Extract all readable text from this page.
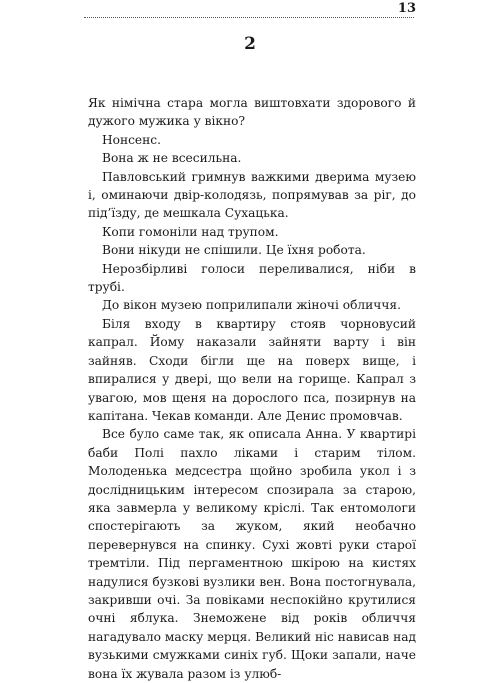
13
2

Як німічна стара могла виштовхати здорового й дужого мужика у вікно?

Нонсенс.

Вона ж не всесильна.

Павловський гримнув важкими дверима музею і, оминаючи двір-колодязь, попрямував за ріг, до під’їзду, де мешкала Сухацька.

Копи гомоніли над трупом.

Вони нікуди не спішили. Це їхня робота.

Нерозбірливі голоси переливалися, ніби в трубі.

До вікон музею поприлипали жіночі обличчя.

Біля входу в квартиру стояв чорновусий капрал. Йому наказали зайняти варту і він зайняв. Сходи бігли ще на поверх вище, і впиралися у двері, що вели на горище. Капрал з увагою, мов щеня на дорослого пса, позирнув на капітана. Чекав команди. Але Денис промовчав.

Все було саме так, як описала Анна. У квартирі баби Полі пахло ліками і старим тілом. Молоденька медсестра щойно зробила укол і з дослідницьким інтересом спозирала за старою, яка завмерла у великому кріслі. Так ентомологи спостерігають за жуком, який необачно перевернувся на спинку. Сухі жовті руки старої тремтіли. Під пергаментною шкірою на кистях надулися бузкові вузлики вен. Вона постогнувала, закривши очі. За повіками неспокійно крутилися очні яблука. Знеможене від років обличчя нагадувало маску мерця. Великий ніс нависав над вузькими смужками синіх губ. Щоки запали, наче вона їх жувала разом із улюб-
